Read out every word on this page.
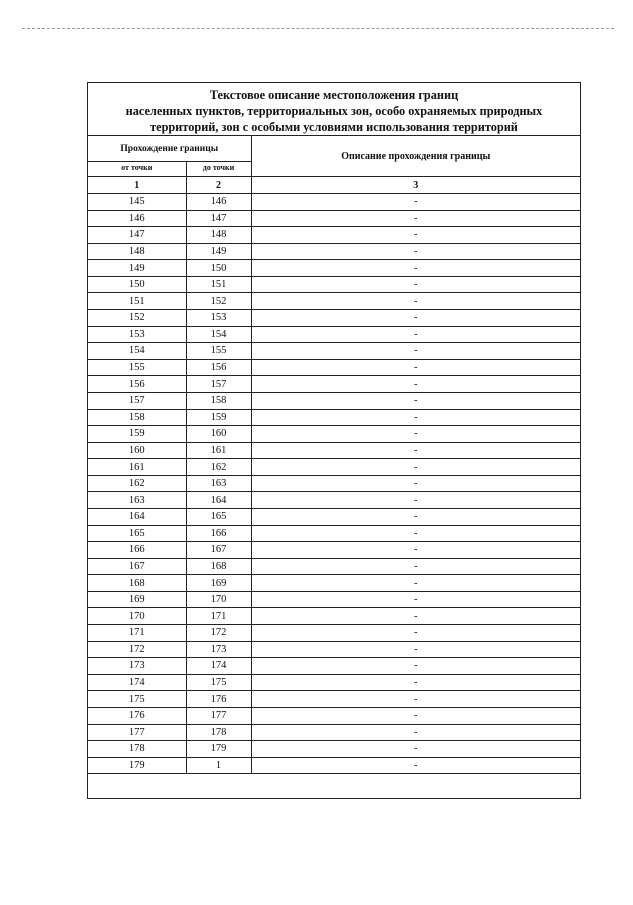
Текстовое описание местоположения границ
населенных пунктов, территориальных зон, особо охраняемых природных
территорий, зон с особыми условиями использования территорий
Прохождение границы		Описание прохождения границы
от точки	до точки	
1	2	3
145	146	-
146	147	-
147	148	-
148	149	-
149	150	-
150	151	-
151	152	-
152	153	-
153	154	-
154	155	-
155	156	-
156	157	-
157	158	-
158	159	-
159	160	-
160	161	-
161	162	-
162	163	-
163	164	-
164	165	-
165	166	-
166	167	-
167	168	-
168	169	-
169	170	-
170	171	-
171	172	-
172	173	-
173	174	-
174	175	-
175	176	-
176	177	-
177	178	-
178	179	-
179	1	-
